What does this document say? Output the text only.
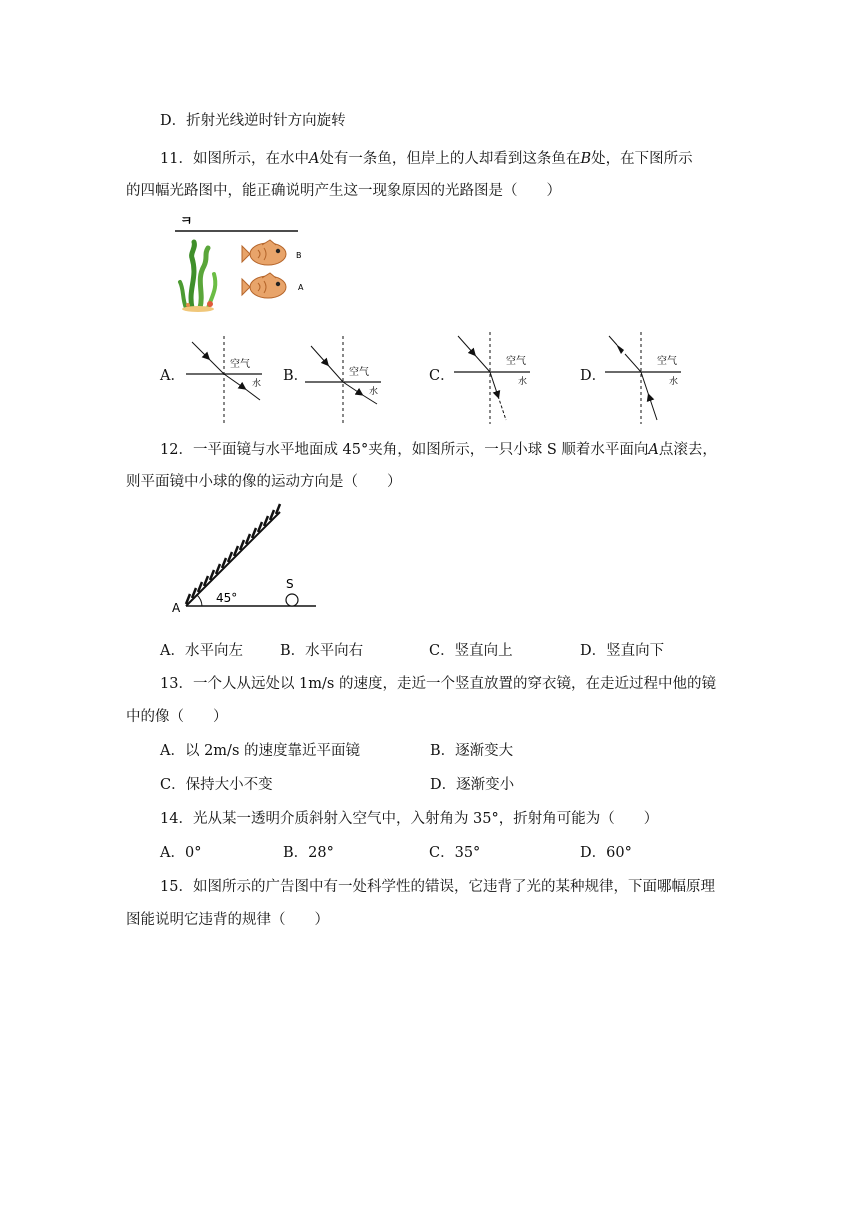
D．折射光线逆时针方向旋转
11．如图所示，在水中A处有一条鱼，但岸上的人却看到这条鱼在B处，在下图所示
的四幅光路图中，能正确说明产生这一现象原因的光路图是（　　）
ㅋ
B
A
A．
空气
水 B．	空气
水
C．
空气
水	D．
空气
水
12．一平面镜与水平地面成 45°夹角，如图所示，一只小球 S 顺着水平面向A点滚去，
则平面镜中小球的像的运动方向是（　　）
A
45°
S
A．水平向左	B．水平向右	C．竖直向上	D．竖直向下
13．一个人从远处以 1m/s 的速度，走近一个竖直放置的穿衣镜，在走近过程中他的镜
中的像（　　）
A．以 2m/s 的速度靠近平面镜	B．逐渐变大
C．保持大小不变	D．逐渐变小
14．光从某一透明介质斜射入空气中，入射角为 35°，折射角可能为（　　）
A．0°	B．28°	C．35°	D．60°
15．如图所示的广告图中有一处科学性的错误，它违背了光的某种规律，下面哪幅原理
图能说明它违背的规律（　　）
